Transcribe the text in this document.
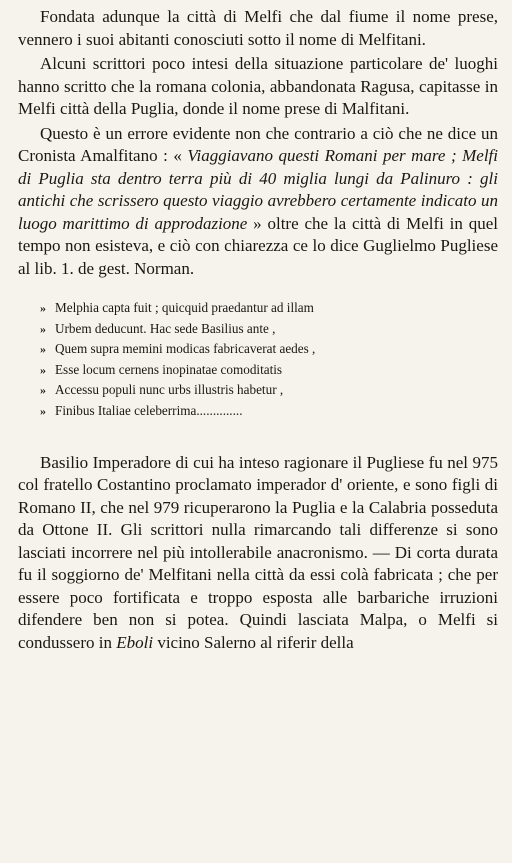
Fondata adunque la città di Melfi che dal fiume il nome prese, vennero i suoi abitanti conosciuti sotto il nome di Melfitani.

Alcuni scrittori poco intesi della situazione particolare de' luoghi hanno scritto che la romana colonia, abbandonata Ragusa, capitasse in Melfi città della Puglia, donde il nome prese di Malfitani.

Questo è un errore evidente non che contrario a ciò che ne dice un Cronista Amalfitano : « Viaggiavano questi Romani per mare ; Melfi di Puglia sta dentro terra più di 40 miglia lungi da Palinuro : gli antichi che scrissero questo viaggio avrebbero certamente indicato un luogo marittimo di approdazione » oltre che la città di Melfi in quel tempo non esisteva, e ciò con chiarezza ce lo dice Guglielmo Pugliese al lib. 1. de gest. Norman.

» Melphia capta fuit ; quicquid praedantur ad illam
» Urbem deducunt. Hac sede Basilius ante ,
» Quem supra memini modicas fabricaverat aedes ,
» Esse locum cernens inopinatae comoditatis
» Accessu populi nunc urbs illustris habetur ,
» Finibus Italiae celeberrima..............

Basilio Imperadore di cui ha inteso ragionare il Pugliese fu nel 975 col fratello Costantino proclamato imperador d' oriente, e sono figli di Romano II, che nel 979 ricuperarono la Puglia e la Calabria posseduta da Ottone II. Gli scrittori nulla rimarcando tali differenze si sono lasciati incorrere nel più intollerabile anacronismo. — Di corta durata fu il soggiorno de' Melfitani nella città da essi colà fabricata ; che per essere poco fortificata e troppo esposta alle barbariche irruzioni difendere ben non si potea. Quindi lasciata Malpa, o Melfi si condussero in Eboli vicino Salerno al riferir della
